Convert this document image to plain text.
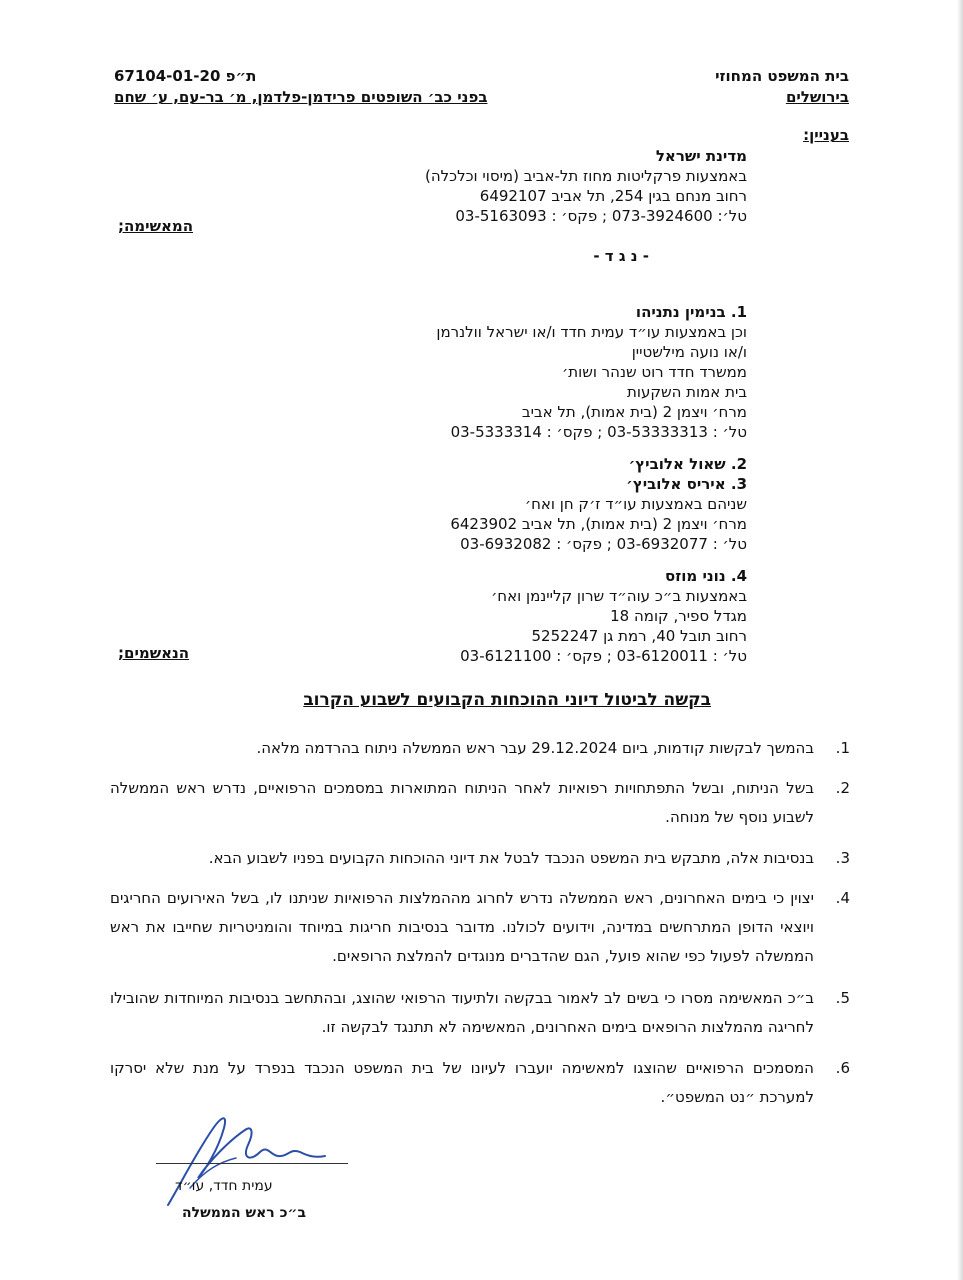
בית המשפט המחוזי
בירושלים
ת״פ 67104-01-20
בפני כב׳ השופטים פרידמן-פלדמן, מ׳ בר-עם, ע׳ שחם
בעניין:
מדינת ישראל
באמצעות פרקליטות מחוז תל-אביב (מיסוי וכלכלה)
רחוב מנחם בגין 254, תל אביב 6492107
טל׳: 073-3924600 ; פקס׳ : 03-5163093
המאשימה;
- נ ג ד -
1. בנימין נתניהו
וכן באמצעות עו״ד עמית חדד ו/או ישראל וולנרמן
ו/או נועה מילשטיין
ממשרד חדד רוט שנהר ושות׳
בית אמות השקעות
מרח׳ ויצמן 2 (בית אמות), תל אביב
טל׳ : 03-53333313 ; פקס׳ : 03-5333314
2. שאול אלוביץ׳
3. איריס אלוביץ׳
שניהם באמצעות עו״ד ז׳ק חן ואח׳
מרח׳ ויצמן 2 (בית אמות), תל אביב 6423902
טל׳ : 03-6932077 ; פקס׳ : 03-6932082
4. נוני מוזס
באמצעות ב״כ עוה״ד שרון קליינמן ואח׳
מגדל ספיר, קומה 18
רחוב תובל 40, רמת גן 5252247
טל׳ : 03-6120011 ; פקס׳ : 03-6121100
הנאשמים;
בקשה לביטול דיוני ההוכחות הקבועים לשבוע הקרוב
1.
בהמשך לבקשות קודמות, ביום 29.12.2024 עבר ראש הממשלה ניתוח בהרדמה מלאה.
2.
בשל הניתוח, ובשל התפתחויות רפואיות לאחר הניתוח המתוארות במסמכים הרפואיים, נדרש ראש הממשלה לשבוע נוסף של מנוחה.
3.
בנסיבות אלה, מתבקש בית המשפט הנכבד לבטל את דיוני ההוכחות הקבועים בפניו לשבוע הבא.
4.
יצוין כי בימים האחרונים, ראש הממשלה נדרש לחרוג מההמלצות הרפואיות שניתנו לו, בשל האירועים החריגים ויוצאי הדופן המתרחשים במדינה, וידועים לכולנו. מדובר בנסיבות חריגות במיוחד והומניטריות שחייבו את ראש הממשלה לפעול כפי שהוא פועל, הגם שהדברים מנוגדים להמלצת הרופאים.
5.
ב״כ המאשימה מסרו כי בשים לב לאמור בבקשה ולתיעוד הרפואי שהוצג, ובהתחשב בנסיבות המיוחדות שהובילו לחריגה מהמלצות הרופאים בימים האחרונים, המאשימה לא תתנגד לבקשה זו.
6.
המסמכים הרפואיים שהוצגו למאשימה יועברו לעיונו של בית המשפט הנכבד בנפרד על מנת שלא יסרקו למערכת ״נט המשפט״.
עמית חדד, עו״ד
ב״כ ראש הממשלה
